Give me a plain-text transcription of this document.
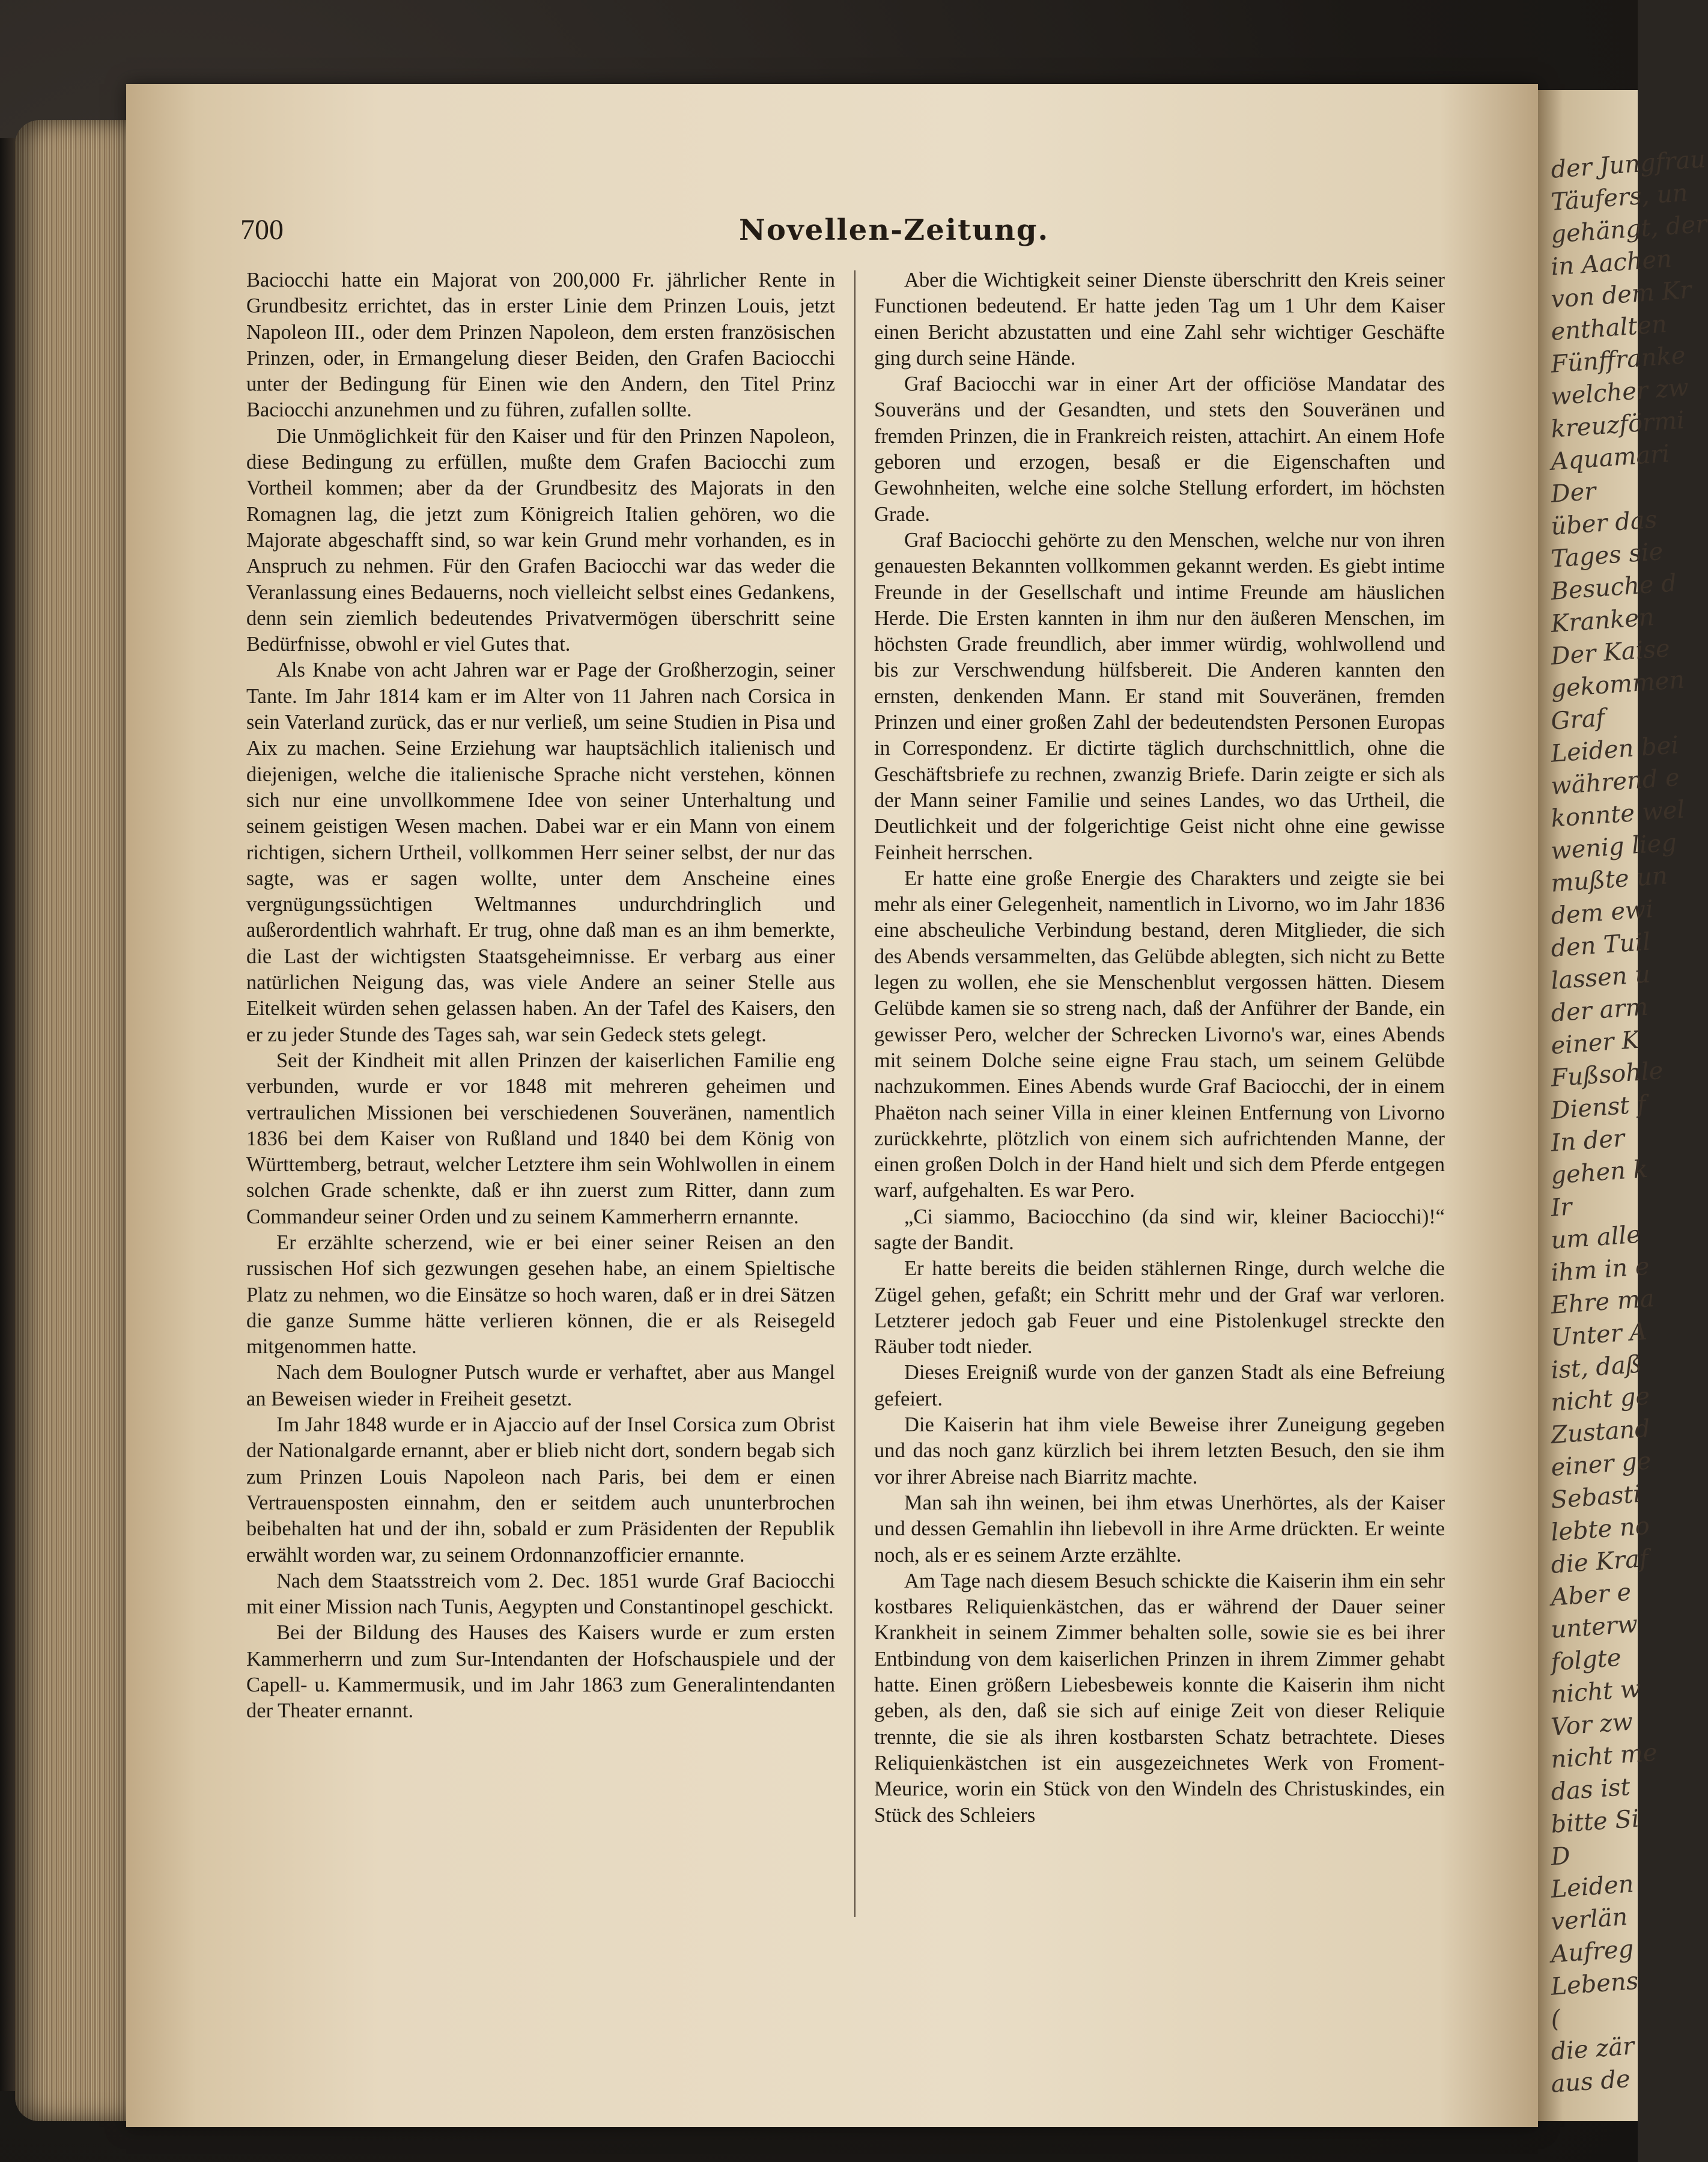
der Jungfrau
Täufers, un
gehängt, der
in Aachen
von dem Kr
enthalten
Fünffranke
welcher zw
kreuzförmi
Aquamari
Der
über das
Tages sie
Besuche d
Kranken
Der Kaise
gekommen
Graf
Leiden bei
während e
konnte wel
wenig lieg
mußte un
dem ewi
den Tuil
lassen u
der arm
einer K
Fußsohle
Dienst f
In der
gehen k
Ir
um alle
ihm in e
Ehre ma
Unter A
ist, daß
nicht ge
Zustand
einer ge
Sebasti
lebte no
die Kraf
Aber e
unterw
folgte
nicht w
Vor zw
nicht me
das ist
bitte Si
D
Leiden
verlän
Aufreg
Lebens
(
die zär
aus de
700	Novellen-Zeitung.

Baciocchi hatte ein Majorat von 200,000 Fr. jährlicher Rente in Grundbesitz errichtet, das in erster Linie dem Prinzen Louis, jetzt Napoleon III., oder dem Prinzen Napoleon, dem ersten französischen Prinzen, oder, in Ermangelung dieser Beiden, den Grafen Baciocchi unter der Bedingung für Einen wie den Andern, den Titel Prinz Baciocchi anzunehmen und zu führen, zufallen sollte.

Die Unmöglichkeit für den Kaiser und für den Prinzen Napoleon, diese Bedingung zu erfüllen, mußte dem Grafen Baciocchi zum Vortheil kommen; aber da der Grundbesitz des Majorats in den Romagnen lag, die jetzt zum Königreich Italien gehören, wo die Majorate abgeschafft sind, so war kein Grund mehr vorhanden, es in Anspruch zu nehmen. Für den Grafen Baciocchi war das weder die Veranlassung eines Bedauerns, noch vielleicht selbst eines Gedankens, denn sein ziemlich bedeutendes Privatvermögen überschritt seine Bedürfnisse, obwohl er viel Gutes that.

Als Knabe von acht Jahren war er Page der Großherzogin, seiner Tante. Im Jahr 1814 kam er im Alter von 11 Jahren nach Corsica in sein Vaterland zurück, das er nur verließ, um seine Studien in Pisa und Aix zu machen. Seine Erziehung war hauptsächlich italienisch und diejenigen, welche die italienische Sprache nicht verstehen, können sich nur eine unvollkommene Idee von seiner Unterhaltung und seinem geistigen Wesen machen. Dabei war er ein Mann von einem richtigen, sichern Urtheil, vollkommen Herr seiner selbst, der nur das sagte, was er sagen wollte, unter dem Anscheine eines vergnügungssüchtigen Weltmannes undurchdringlich und außerordentlich wahrhaft. Er trug, ohne daß man es an ihm bemerkte, die Last der wichtigsten Staatsgeheimnisse. Er verbarg aus einer natürlichen Neigung das, was viele Andere an seiner Stelle aus Eitelkeit würden sehen gelassen haben. An der Tafel des Kaisers, den er zu jeder Stunde des Tages sah, war sein Gedeck stets gelegt.

Seit der Kindheit mit allen Prinzen der kaiserlichen Familie eng verbunden, wurde er vor 1848 mit mehreren geheimen und vertraulichen Missionen bei verschiedenen Souveränen, namentlich 1836 bei dem Kaiser von Rußland und 1840 bei dem König von Württemberg, betraut, welcher Letztere ihm sein Wohlwollen in einem solchen Grade schenkte, daß er ihn zuerst zum Ritter, dann zum Commandeur seiner Orden und zu seinem Kammerherrn ernannte.

Er erzählte scherzend, wie er bei einer seiner Reisen an den russischen Hof sich gezwungen gesehen habe, an einem Spieltische Platz zu nehmen, wo die Einsätze so hoch waren, daß er in drei Sätzen die ganze Summe hätte verlieren können, die er als Reisegeld mitgenommen hatte.

Nach dem Boulogner Putsch wurde er verhaftet, aber aus Mangel an Beweisen wieder in Freiheit gesetzt.

Im Jahr 1848 wurde er in Ajaccio auf der Insel Corsica zum Obrist der Nationalgarde ernannt, aber er blieb nicht dort, sondern begab sich zum Prinzen Louis Napoleon nach Paris, bei dem er einen Vertrauensposten einnahm, den er seitdem auch ununterbrochen beibehalten hat und der ihn, sobald er zum Präsidenten der Republik erwählt worden war, zu seinem Ordonnanzofficier ernannte.

Nach dem Staatsstreich vom 2. Dec. 1851 wurde Graf Baciocchi mit einer Mission nach Tunis, Aegypten und Constantinopel geschickt.

Bei der Bildung des Hauses des Kaisers wurde er zum ersten Kammerherrn und zum Sur-Intendanten der Hofschauspiele und der Capell- u. Kammermusik, und im Jahr 1863 zum Generalintendanten der Theater ernannt.

Aber die Wichtigkeit seiner Dienste überschritt den Kreis seiner Functionen bedeutend. Er hatte jeden Tag um 1 Uhr dem Kaiser einen Bericht abzustatten und eine Zahl sehr wichtiger Geschäfte ging durch seine Hände.

Graf Baciocchi war in einer Art der officiöse Mandatar des Souveräns und der Gesandten, und stets den Souveränen und fremden Prinzen, die in Frankreich reisten, attachirt. An einem Hofe geboren und erzogen, besaß er die Eigenschaften und Gewohnheiten, welche eine solche Stellung erfordert, im höchsten Grade.

Graf Baciocchi gehörte zu den Menschen, welche nur von ihren genauesten Bekannten vollkommen gekannt werden. Es giebt intime Freunde in der Gesellschaft und intime Freunde am häuslichen Herde. Die Ersten kannten in ihm nur den äußeren Menschen, im höchsten Grade freundlich, aber immer würdig, wohlwollend und bis zur Verschwendung hülfsbereit. Die Anderen kannten den ernsten, denkenden Mann. Er stand mit Souveränen, fremden Prinzen und einer großen Zahl der bedeutendsten Personen Europas in Correspondenz. Er dictirte täglich durchschnittlich, ohne die Geschäftsbriefe zu rechnen, zwanzig Briefe. Darin zeigte er sich als der Mann seiner Familie und seines Landes, wo das Urtheil, die Deutlichkeit und der folgerichtige Geist nicht ohne eine gewisse Feinheit herrschen.

Er hatte eine große Energie des Charakters und zeigte sie bei mehr als einer Gelegenheit, namentlich in Livorno, wo im Jahr 1836 eine abscheuliche Verbindung bestand, deren Mitglieder, die sich des Abends versammelten, das Gelübde ablegten, sich nicht zu Bette legen zu wollen, ehe sie Menschenblut vergossen hätten. Diesem Gelübde kamen sie so streng nach, daß der Anführer der Bande, ein gewisser Pero, welcher der Schrecken Livorno's war, eines Abends mit seinem Dolche seine eigne Frau stach, um seinem Gelübde nachzukommen. Eines Abends wurde Graf Baciocchi, der in einem Phaëton nach seiner Villa in einer kleinen Entfernung von Livorno zurückkehrte, plötzlich von einem sich aufrichtenden Manne, der einen großen Dolch in der Hand hielt und sich dem Pferde entgegen warf, aufgehalten. Es war Pero.

„Ci siammo, Baciocchino (da sind wir, kleiner Baciocchi)!“ sagte der Bandit.

Er hatte bereits die beiden stählernen Ringe, durch welche die Zügel gehen, gefaßt; ein Schritt mehr und der Graf war verloren. Letzterer jedoch gab Feuer und eine Pistolenkugel streckte den Räuber todt nieder.

Dieses Ereigniß wurde von der ganzen Stadt als eine Befreiung gefeiert.

Die Kaiserin hat ihm viele Beweise ihrer Zuneigung gegeben und das noch ganz kürzlich bei ihrem letzten Besuch, den sie ihm vor ihrer Abreise nach Biarritz machte.

Man sah ihn weinen, bei ihm etwas Unerhörtes, als der Kaiser und dessen Gemahlin ihn liebevoll in ihre Arme drückten. Er weinte noch, als er es seinem Arzte erzählte.

Am Tage nach diesem Besuch schickte die Kaiserin ihm ein sehr kostbares Reliquienkästchen, das er während der Dauer seiner Krankheit in seinem Zimmer behalten solle, sowie sie es bei ihrer Entbindung von dem kaiserlichen Prinzen in ihrem Zimmer gehabt hatte. Einen größern Liebesbeweis konnte die Kaiserin ihm nicht geben, als den, daß sie sich auf einige Zeit von dieser Reliquie trennte, die sie als ihren kostbarsten Schatz betrachtete. Dieses Reliquienkästchen ist ein ausgezeichnetes Werk von Froment-Meurice, worin ein Stück von den Windeln des Christuskindes, ein Stück des Schleiers
